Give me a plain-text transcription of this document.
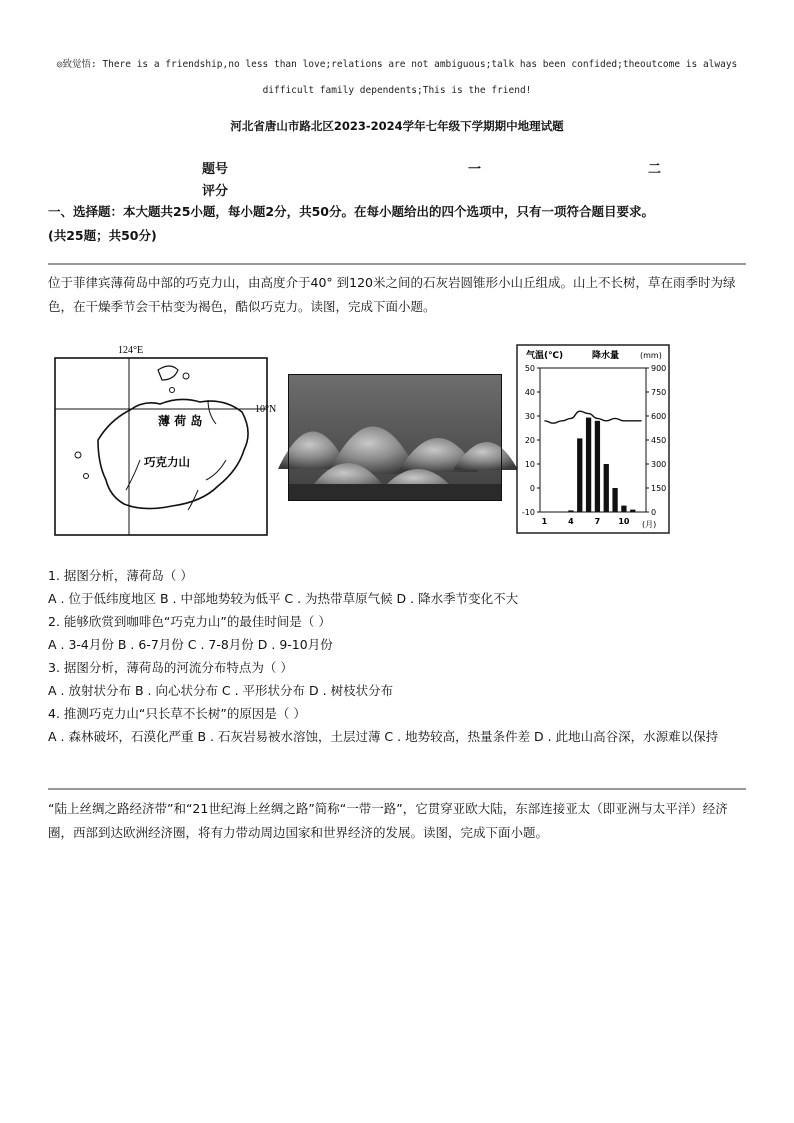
◎致觉悟: There is a friendship,no less than love;relations are not ambiguous;talk has been confided;theoutcome is always
difficult family dependents;This is the friend!
河北省唐山市路北区2023-2024学年七年级下学期期中地理试题
题号	一	二
评分
一、选择题：本大题共25小题，每小题2分，共50分。在每小题给出的四个选项中，只有一项符合题目要求。
(共25题；共50分)
位于菲律宾薄荷岛中部的巧克力山，由高度介于40° 到120米之间的石灰岩圆锥形小山丘组成。山上不长树，草在雨季时为绿色，在干燥季节会干枯变为褐色，酷似巧克力。读图，完成下面小题。
124°E
10°N
薄 荷 岛
巧克力山
气温(℃)	降水量	(mm)
50
40
30
20
10
0
-10
900
750
600
450
300
150
0
1	4	7 10 (月)
1. 据图分析，薄荷岛（ ）
A . 位于低纬度地区 B . 中部地势较为低平 C . 为热带草原气候 D . 降水季节变化不大
2. 能够欣赏到咖啡色“巧克力山”的最佳时间是（ ）
A . 3-4月份 B . 6-7月份 C . 7-8月份 D . 9-10月份
3. 据图分析，薄荷岛的河流分布特点为（ ）
A . 放射状分布 B . 向心状分布 C . 平形状分布 D . 树枝状分布
4. 推测巧克力山“只长草不长树”的原因是（ ）
A . 森林破坏，石漠化严重 B . 石灰岩易被水溶蚀，土层过薄 C . 地势较高，热量条件差 D . 此地山高谷深，水源难以保持
“陆上丝绸之路经济带”和“21世纪海上丝绸之路”简称“一带一路”，它贯穿亚欧大陆，东部连接亚太（即亚洲与太平洋）经济圈，西部到达欧洲经济圈，将有力带动周边国家和世界经济的发展。读图，完成下面小题。
